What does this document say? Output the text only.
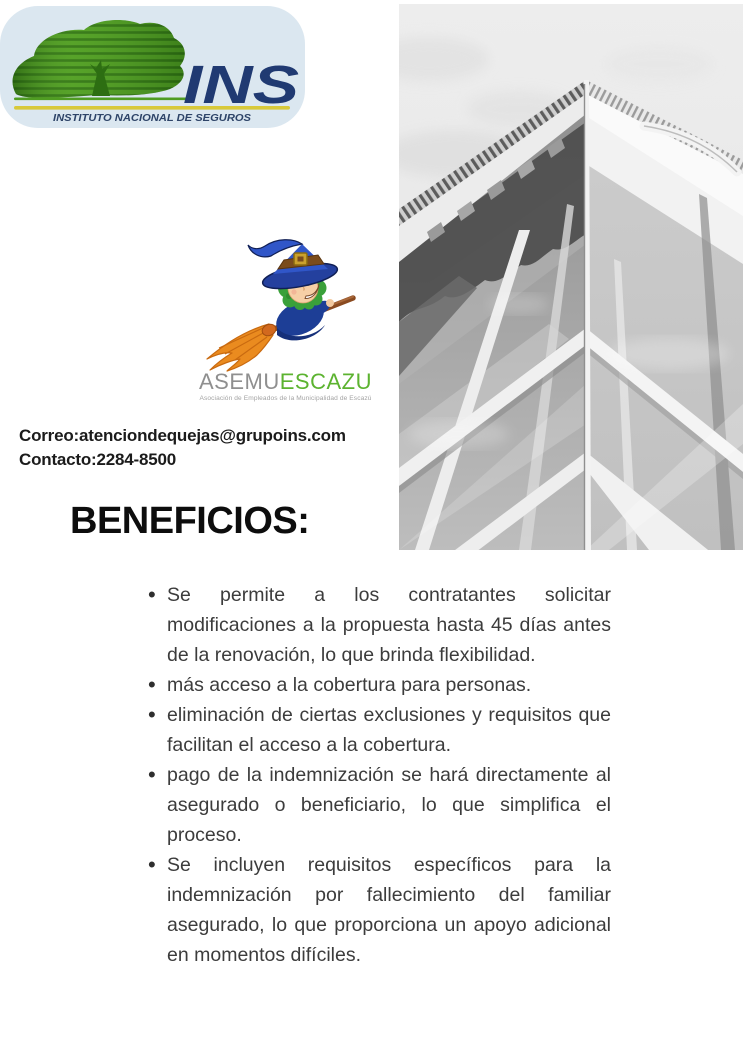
INS
INSTITUTO NACIONAL DE SEGUROS
ASEMUESCAZU
Asociación de Empleados de la Municipalidad de Escazú
Correo:atenciondequejas@grupoins.com
Contacto:2284-8500
BENEFICIOS:
• Se permite a los contratantes solicitar modificaciones a la propuesta hasta 45 días antes de la renovación, lo que brinda flexibilidad.
• más acceso a la cobertura para personas.
• eliminación de ciertas exclusiones y requisitos que facilitan el acceso a la cobertura.
• pago de la indemnización se hará directamente al asegurado o beneficiario, lo que simplifica el proceso.
• Se incluyen requisitos específicos para la indemnización por fallecimiento del familiar asegurado, lo que proporciona un apoyo adicional en momentos difíciles.
